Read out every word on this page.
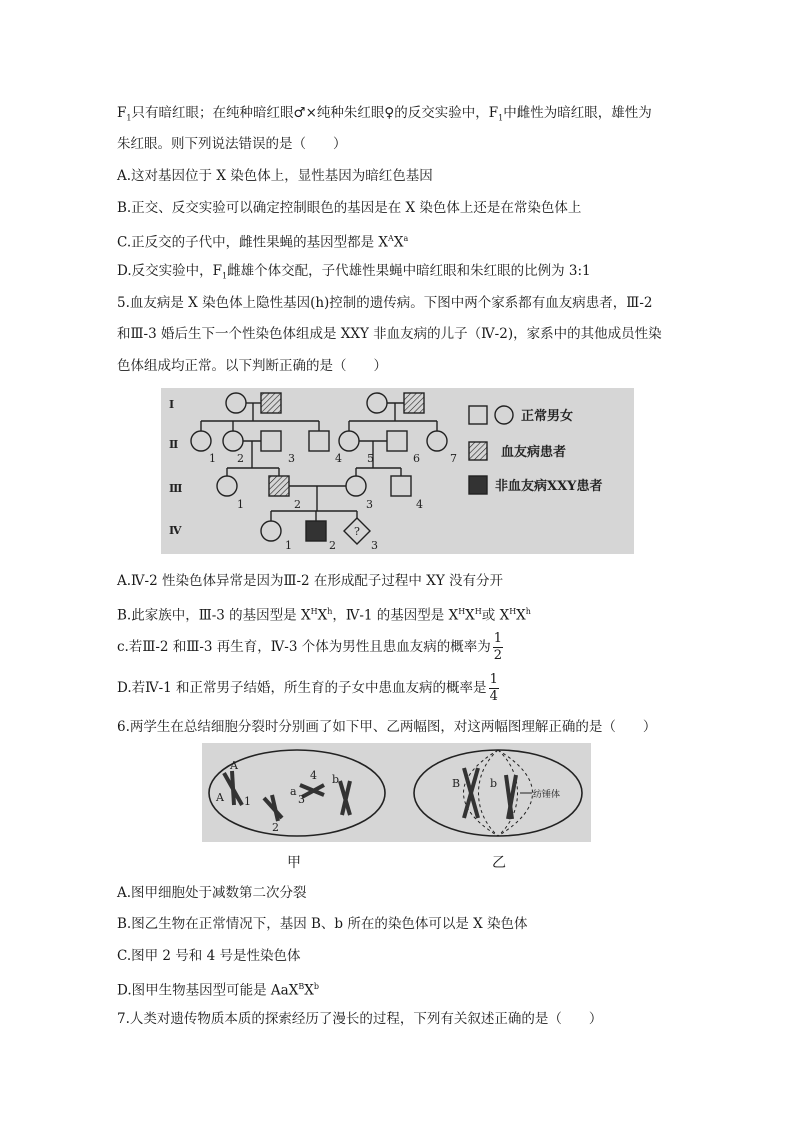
$F_1$只有暗红眼；在纯种暗红眼♂×纯种朱红眼♀的反交实验中，$F_1$中雌性为暗红眼，雄性为
朱红眼。则下列说法错误的是（　　）
A.这对基因位于 X 染色体上，显性基因为暗红色基因
B.正交、反交实验可以确定控制眼色的基因是在 X 染色体上还是在常染色体上
C.正反交的子代中，雌性果蝇的基因型都是 $X^AX^a$
D.反交实验中，$F_1$雌雄个体交配，子代雄性果蝇中暗红眼和朱红眼的比例为 3:1
5.血友病是 X 染色体上隐性基因(h)控制的遗传病。下图中两个家系都有血友病患者，Ⅲ-2
和Ⅲ-3 婚后生下一个性染色体组成是 XXY 非血友病的儿子（Ⅳ-2)，家系中的其他成员性染
色体组成均正常。以下判断正确的是（　　）
Ⅰ
Ⅱ
Ⅲ
Ⅳ
1 2	3	4
1	2
5	6	7
3	4
?
1	2	3
正常男女
血友病患者
非血友病XXY患者
A.Ⅳ-2 性染色体异常是因为Ⅲ-2 在形成配子过程中 XY 没有分开
B.此家族中，Ⅲ-3 的基因型是 $X^HX^h$，Ⅳ-1 的基因型是 $X^HX^H$或 $X^HX^h$
c.若Ⅲ-2 和Ⅲ-3 再生育，Ⅳ-3 个体为男性且患血友病的概率为 $\frac{1}{2}$
D.若Ⅳ-1 和正常男子结婚，所生育的子女中患血友病的概率是 $\frac{1}{4}$
6.两学生在总结细胞分裂时分别画了如下甲、乙两幅图，对这两幅图理解正确的是（　　）
A
A 1
2
3
4
a
b	B	b
纺锤体
甲	乙
A.图甲细胞处于减数第二次分裂
B.图乙生物在正常情况下，基因 B、b 所在的染色体可以是 X 染色体
C.图甲 2 号和 4 号是性染色体
D.图甲生物基因型可能是 $AaX^BX^b$
7.人类对遗传物质本质的探索经历了漫长的过程，下列有关叙述正确的是（　　）
